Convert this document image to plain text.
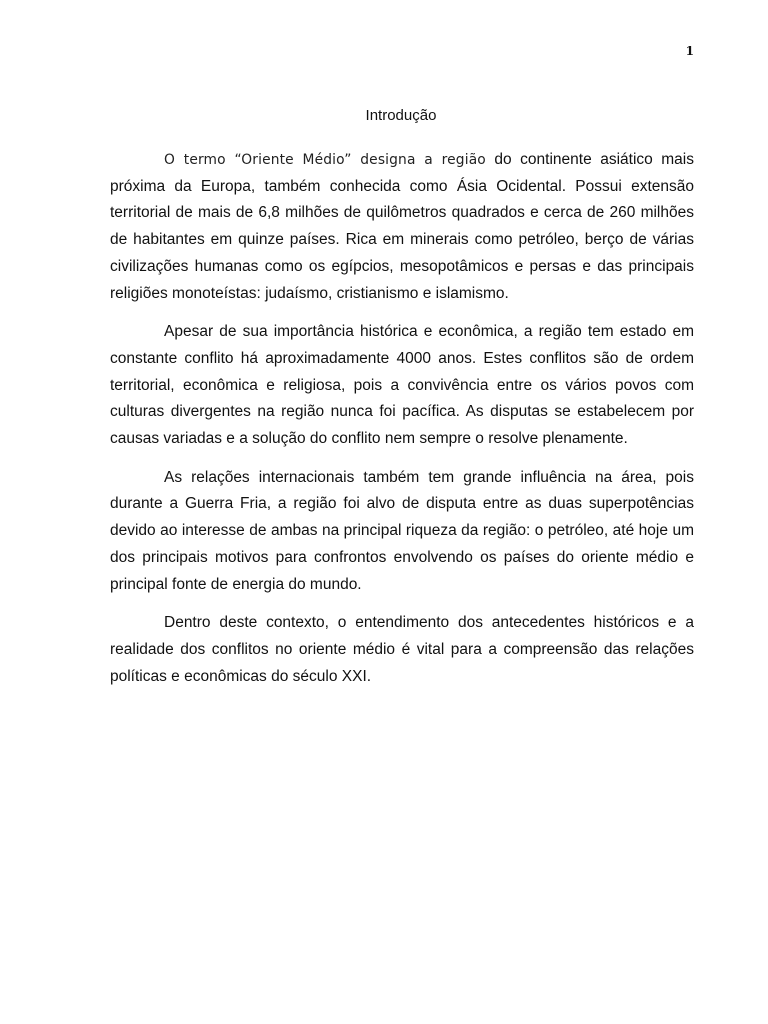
1
Introdução

O termo “Oriente Médio” designa a região do continente asiático mais próxima da Europa, também conhecida como Ásia Ocidental. Possui extensão territorial de mais de 6,8 milhões de quilômetros quadrados e cerca de 260 milhões de habitantes em quinze países. Rica em minerais como petróleo, berço de várias civilizações humanas como os egípcios, mesopotâmicos e persas e das principais religiões monoteístas: judaísmo, cristianismo e islamismo.

Apesar de sua importância histórica e econômica, a região tem estado em constante conflito há aproximadamente 4000 anos. Estes conflitos são de ordem territorial, econômica e religiosa, pois a convivência entre os vários povos com culturas divergentes na região nunca foi pacífica. As disputas se estabelecem por causas variadas e a solução do conflito nem sempre o resolve plenamente.

As relações internacionais também tem grande influência na área, pois durante a Guerra Fria, a região foi alvo de disputa entre as duas superpotências devido ao interesse de ambas na principal riqueza da região: o petróleo, até hoje um dos principais motivos para confrontos envolvendo os países do oriente médio e principal fonte de energia do mundo.

Dentro deste contexto, o entendimento dos antecedentes históricos e a realidade dos conflitos no oriente médio é vital para a compreensão das relações políticas e econômicas do século XXI.
